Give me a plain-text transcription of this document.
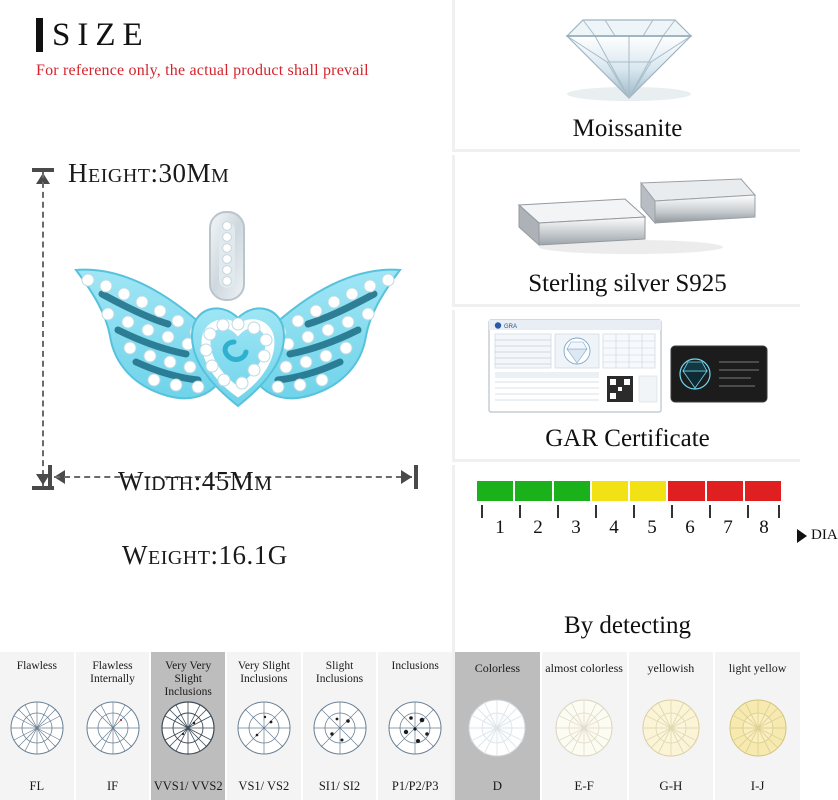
SIZE
For reference only, the actual product shall prevail
HEIGHT:30MM
WIDTH:45MM
WEIGHT:16.1G
Moissanite
Sterling silver S925
GRA
GAR Certificate
1	2	3	4	5	6	7	8	DIA
By detecting
Flawless
FL
Flawless Internally
IF
Very Very Slight Inclusions
VVS1/ VVS2
Very Slight Inclusions
VS1/ VS2
Slight Inclusions
SI1/ SI2
Inclusions
P1/P2/P3
Colorless
D
almost colorless
E-F
yellowish
G-H
light yellow
I-J
